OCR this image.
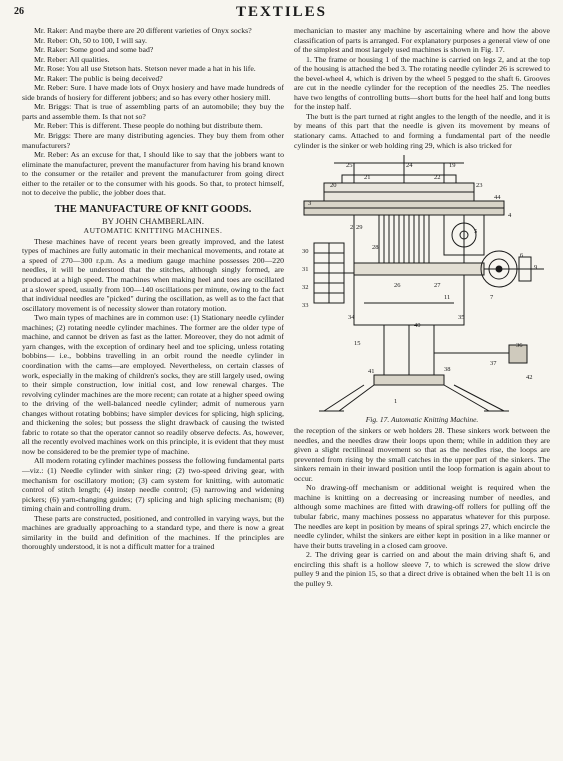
26	TEXTILES

Mr. Raker: And maybe there are 20 different varieties of Onyx socks?

Mr. Reber: Oh, 50 to 100, I will say.

Mr. Raker: Some good and some bad?

Mr. Reber: All qualities.

Mr. Rose: You all use Stetson hats. Stetson never made a hat in his life.

Mr. Raker: The public is being deceived?

Mr. Reber: Sure. I have made lots of Onyx hosiery and have made hundreds of side brands of hosiery for different jobbers; and so has every other hosiery mill.

Mr. Briggs: That is true of assembling parts of an automobile; they buy the parts and assemble them. Is that not so?

Mr. Reber: This is different. These people do nothing but distribute them.

Mr. Briggs: There are many distributing agencies. They buy them from other manufacturers?

Mr. Reber: As an excuse for that, I should like to say that the jobbers want to eliminate the manufacturer, prevent the manufacturer from having his brand known to the consumer or the retailer and prevent the manufacturer from going direct either to the retailer or to the consumer with his goods. So that, to protect himself, not to deceive the public, the jobber does that.

THE MANUFACTURE OF KNIT GOODS.

BY JOHN CHAMBERLAIN.

AUTOMATIC KNITTING MACHINES.

These machines have of recent years been greatly improved, and the latest types of machines are fully automatic in their mechanical movements, and rotate at a speed of 270—300 r.p.m. As a medium gauge machine possesses 200—220 needles, it will be understood that the stitches, although singly formed, are produced at a high speed. The machines when making heel and toes are oscillated at a slower speed, usually from 100—140 oscillations per minute, owing to the fact that individual needles are "picked" during the oscillation, as well as to the fact that oscillatory movement is of necessity slower than rotatory motion.

Two main types of machines are in common use: (1) Stationary needle cylinder machines; (2) rotating needle cylinder machines. The former are the older type of machine, and cannot be driven as fast as the latter. Moreover, they do not admit of yarn changes, with the exception of ordinary heel and toe splicing, unless rotating bobbins— i.e., bobbins travelling in an orbit round the needle cylinder in coordination with the cams—are employed. Nevertheless, on certain classes of work, especially in the making of children's socks, they are still largely used, owing to their simple construction, low initial cost, and low renewal charges. The revolving cylinder machines are the more recent; can rotate at a higher speed owing to the driving of the well-balanced needle cylinder; admit of numerous yarn changes without rotating bobbins; have simpler devices for splicing, high splicing, and thickening the soles; but possess the slight drawback of causing the twisted fabric to rotate so that the operator cannot so readily observe defects. As, however, all the recently evolved machines work on this principle, it is evident that they must now be considered to be the premier type of machine.

All modern rotating cylinder machines possess the following fundamental parts—viz.: (1) Needle cylinder with sinker ring; (2) two-speed driving gear, with mechanism for oscillatory motion; (3) cam system for knitting, with automatic control of stitch length; (4) instep needle control; (5) narrowing and widening pickers; (6) yarn-changing guides; (7) splicing and high splicing mechanism; (8) timing chain and controlling drum.

These parts are constructed, positioned, and controlled in varying ways, but the machines are gradually approaching to a standard type, and there is now a great similarity in the build and definition of the machines. If the principles are thoroughly understood, it is not a difficult matter for a trained

mechanician to master any machine by ascertaining where and how the above classification of parts is arranged. For explanatory purposes a general view of one of the simplest and most largely used machines is shown in Fig. 17.

1. The frame or housing 1 of the machine is carried on legs 2, and at the top of the housing is attached the bed 3. The rotating needle cylinder 26 is screwed to the bevel-wheel 4, which is driven by the wheel 5 pegged to the shaft 6. Grooves are cut in the needle cylinder for the reception of the needles 25. The needles have two lengths of controlling butts—short butts for the heel half and long butts for the instep half.

The butt is the part turned at right angles to the length of the needle, and it is by means of this part that the needle is given its movement by means of stationary cams. Attached to and forming a fundamental part of the needle cylinder is the sinker or web holding ring 29, which is also tricked for

25	24	19
20
21	22
23
44
29
28
26	27
3
4
5
6
7
9
11
15
1
2
30
31
32
33
34	35
36
37
38
40
41
42
Fig. 17. Automatic Knitting Machine.

the reception of the sinkers or web holders 28. These sinkers work between the needles, and the needles draw their loops upon them; while in addition they are given a slight rectilineal movement so that as the needles rise, the loops are prevented from rising by the small catches in the upper part of the sinkers. The sinkers remain in their inward position until the loop formation is again about to occur.

No drawing-off mechanism or additional weight is required when the machine is knitting on a decreasing or increasing number of needles, and although some machines are fitted with drawing-off rollers for pulling off the tubular fabric, many machines possess no apparatus whatever for this purpose. The needles are kept in position by means of spiral springs 27, which encircle the needle cylinder, whilst the sinkers are either kept in position in a like manner or have their butts traveling in a closed cam groove.

2. The driving gear is carried on and about the main driving shaft 6, and encircling this shaft is a hollow sleeve 7, to which is screwed the slow drive pulley 9 and the pinion 15, so that a direct drive is obtained when the belt 11 is on the pulley 9.
